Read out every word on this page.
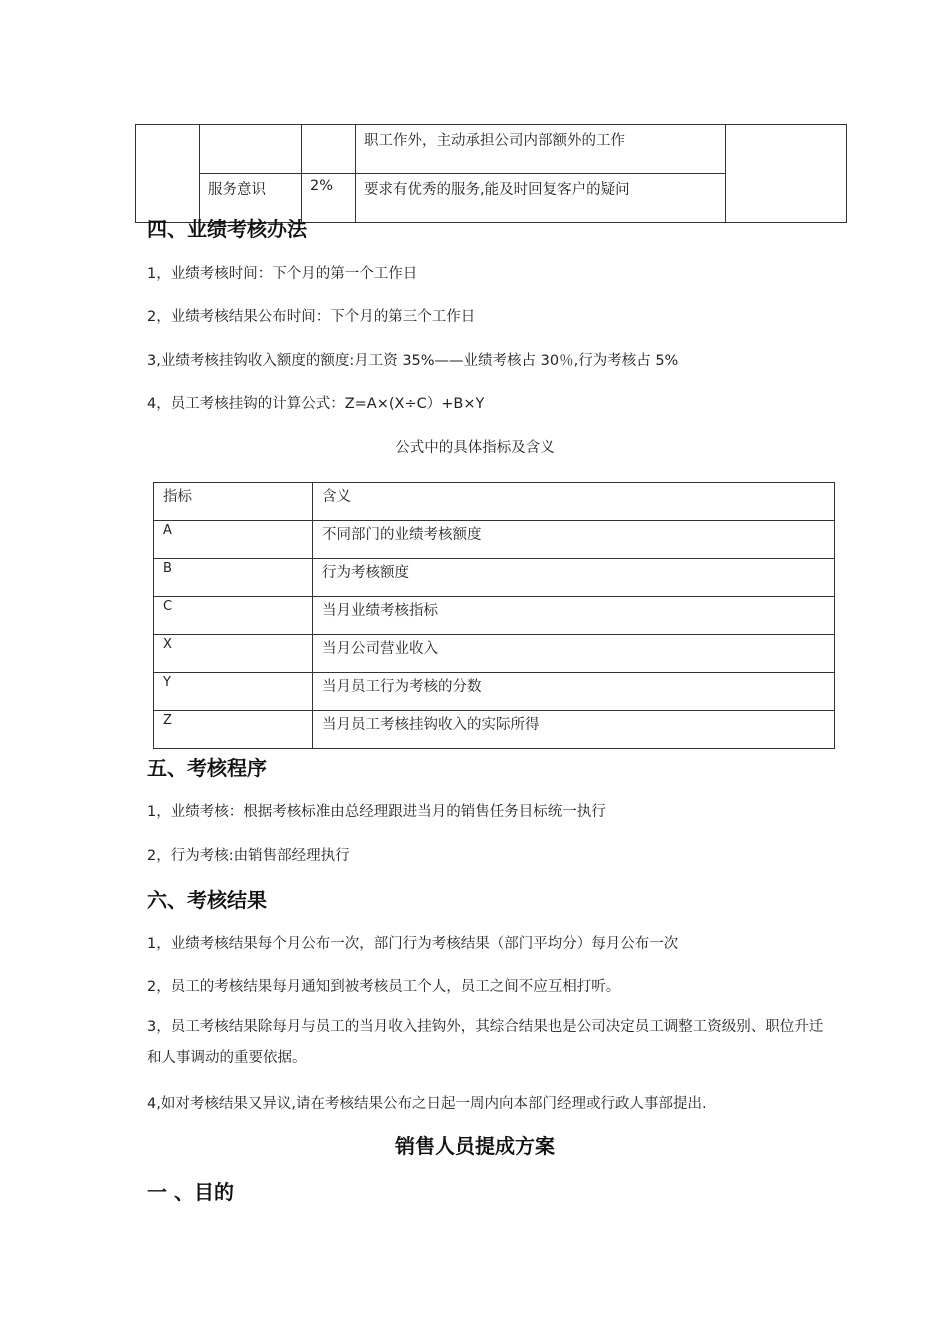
			职工作外，主动承担公司内部额外的工作	
	服务意识	2%	要求有优秀的服务,能及时回复客户的疑问	
四、业绩考核办法

1，业绩考核时间：下个月的第一个工作日

2，业绩考核结果公布时间：下个月的第三个工作日

3,业绩考核挂钩收入额度的额度:月工资 35%——业绩考核占 30％,行为考核占 5%

4，员工考核挂钩的计算公式：Z=A×(X÷C）+B×Y

公式中的具体指标及含义

指标	含义
A	不同部门的业绩考核额度
B	行为考核额度
C	当月业绩考核指标
X	当月公司营业收入
Y	当月员工行为考核的分数
Z	当月员工考核挂钩收入的实际所得
五、考核程序

1，业绩考核：根据考核标准由总经理跟进当月的销售任务目标统一执行

2，行为考核:由销售部经理执行

六、考核结果

1，业绩考核结果每个月公布一次，部门行为考核结果（部门平均分）每月公布一次

2，员工的考核结果每月通知到被考核员工个人，员工之间不应互相打听。

3，员工考核结果除每月与员工的当月收入挂钩外，其综合结果也是公司决定员工调整工资级别、职位升迁和人事调动的重要依据。

4,如对考核结果又异议,请在考核结果公布之日起一周内向本部门经理或行政人事部提出.

销售人员提成方案
一 、目的
